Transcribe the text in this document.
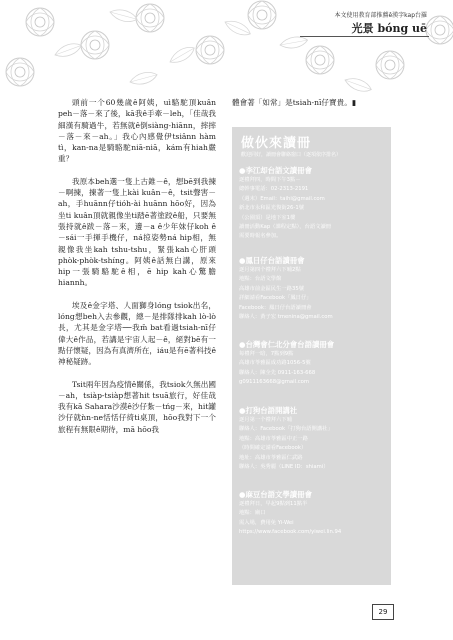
本文使用教育部推薦ê漢字kap台羅
光景 bóng uē

頭前一个60幾歲ê阿姨，uì駱駝頂kuân peh－落－來了後，kā我ê手牽－leh，「佳哉我細漢有騎過牛，若無就ê倒siàng-hiānn，摔摔－落－來－ah。」我心內感覺伊tsiânn hàm tì，kan-na是騎駱駝niā-niā，kám有hiah嚴重？

我原本beh選一隻上古錐－ê，想bē到我揀－啊揀，揀著一隻上kài kuân－ê，tsit聲害－ah，手huānn仔tióh-ài huānn hōo好，因為坐ti kuân頂就親像坐ti踏ē著塗跤ê船，只要無張持就ê跋－落－來，邊－a ê少年妹仔koh ê－sái一手揮手機仔，ná掠姿勢ná hip相，無親像我坐kah tshu-tshu，緊張kah心肝頭phòk-phòk-tshíng。阿姨ê話無白講，原來hip一張騎駱駝ê相，ē hip kah心驚膽hiannh。

埃及ê金字塔、人面獅身lóng tsiok出名，lóng想beh入去參觀，總－是排隊排kah lò-lò長，尤其是金字塔──我m̄ bat看過tsiah-nī仔偉大ê作品，若講是宇宙人起－ê，絕對bē有一點仔懷疑，因為有真濟所在，iáu是有ē著科技ê神秘疑跡。

Tsit兩年因為疫情ê關係，我tsiok久無出國－ah，tsiàp-tsiàp想著hit tsuā旅行，好佳哉我有kā Sahara沙漠ê沙仔紮－tńg－來，hit罐沙仔就ǹn-ne恬恬仔徛ti桌頂，hōo我對下一个旅程有無限ê期待，mā hōo我

體會著「如常」是tsiah-nī仔寶貴。▮
做伙來讀冊
歡迎同好，讀冊會聯絡窗口（逐項依序排名）
●李江却台語文讀冊會
逐禮拜四，時間下午3點－
總幹事電話：02-2313-2191
（週末）Email：taihi@gmail.com
新北市永和區光復街26-1號
（公園頂）是地下室1樓
讀冊活動Kap（課程定點），台語文讀冊
需要時報名參加。
●鳳日仔台語讀冊會
逐月第四个禮拜六下晡2點
地點：台語文學館
高雄市前金區民生一路35號
詳細請看Facebook「鳳日仔」
Facebook：鳳日仔台語讀冊會
聯絡人：黃子宏 tmenina@gmail.com
●台灣會仁北分會台語讀冊會
每禮拜一暗，7點到9點
高雄市苓雅區成功路1056-5號
聯絡人：陳全先 0911-163-668
g0911163668@gmail.com
●打狗台語開講社
逐月第一个禮拜六下晡
聯絡人：Facebook「打狗台語開講社」
地點：高雄市苓雅區中正一路
（時間確定請看Facebook）
地址：高雄市苓雅區仁武路
聯絡人：吳秀麗（LINE ID：shiami）
●麻豆台語文學讀冊會
逐禮拜日，早起9點到11點半
地點：廟口
需入場，費用免 Yi-Wei
https://www.facebook.com/yiwei.lin.94
29
